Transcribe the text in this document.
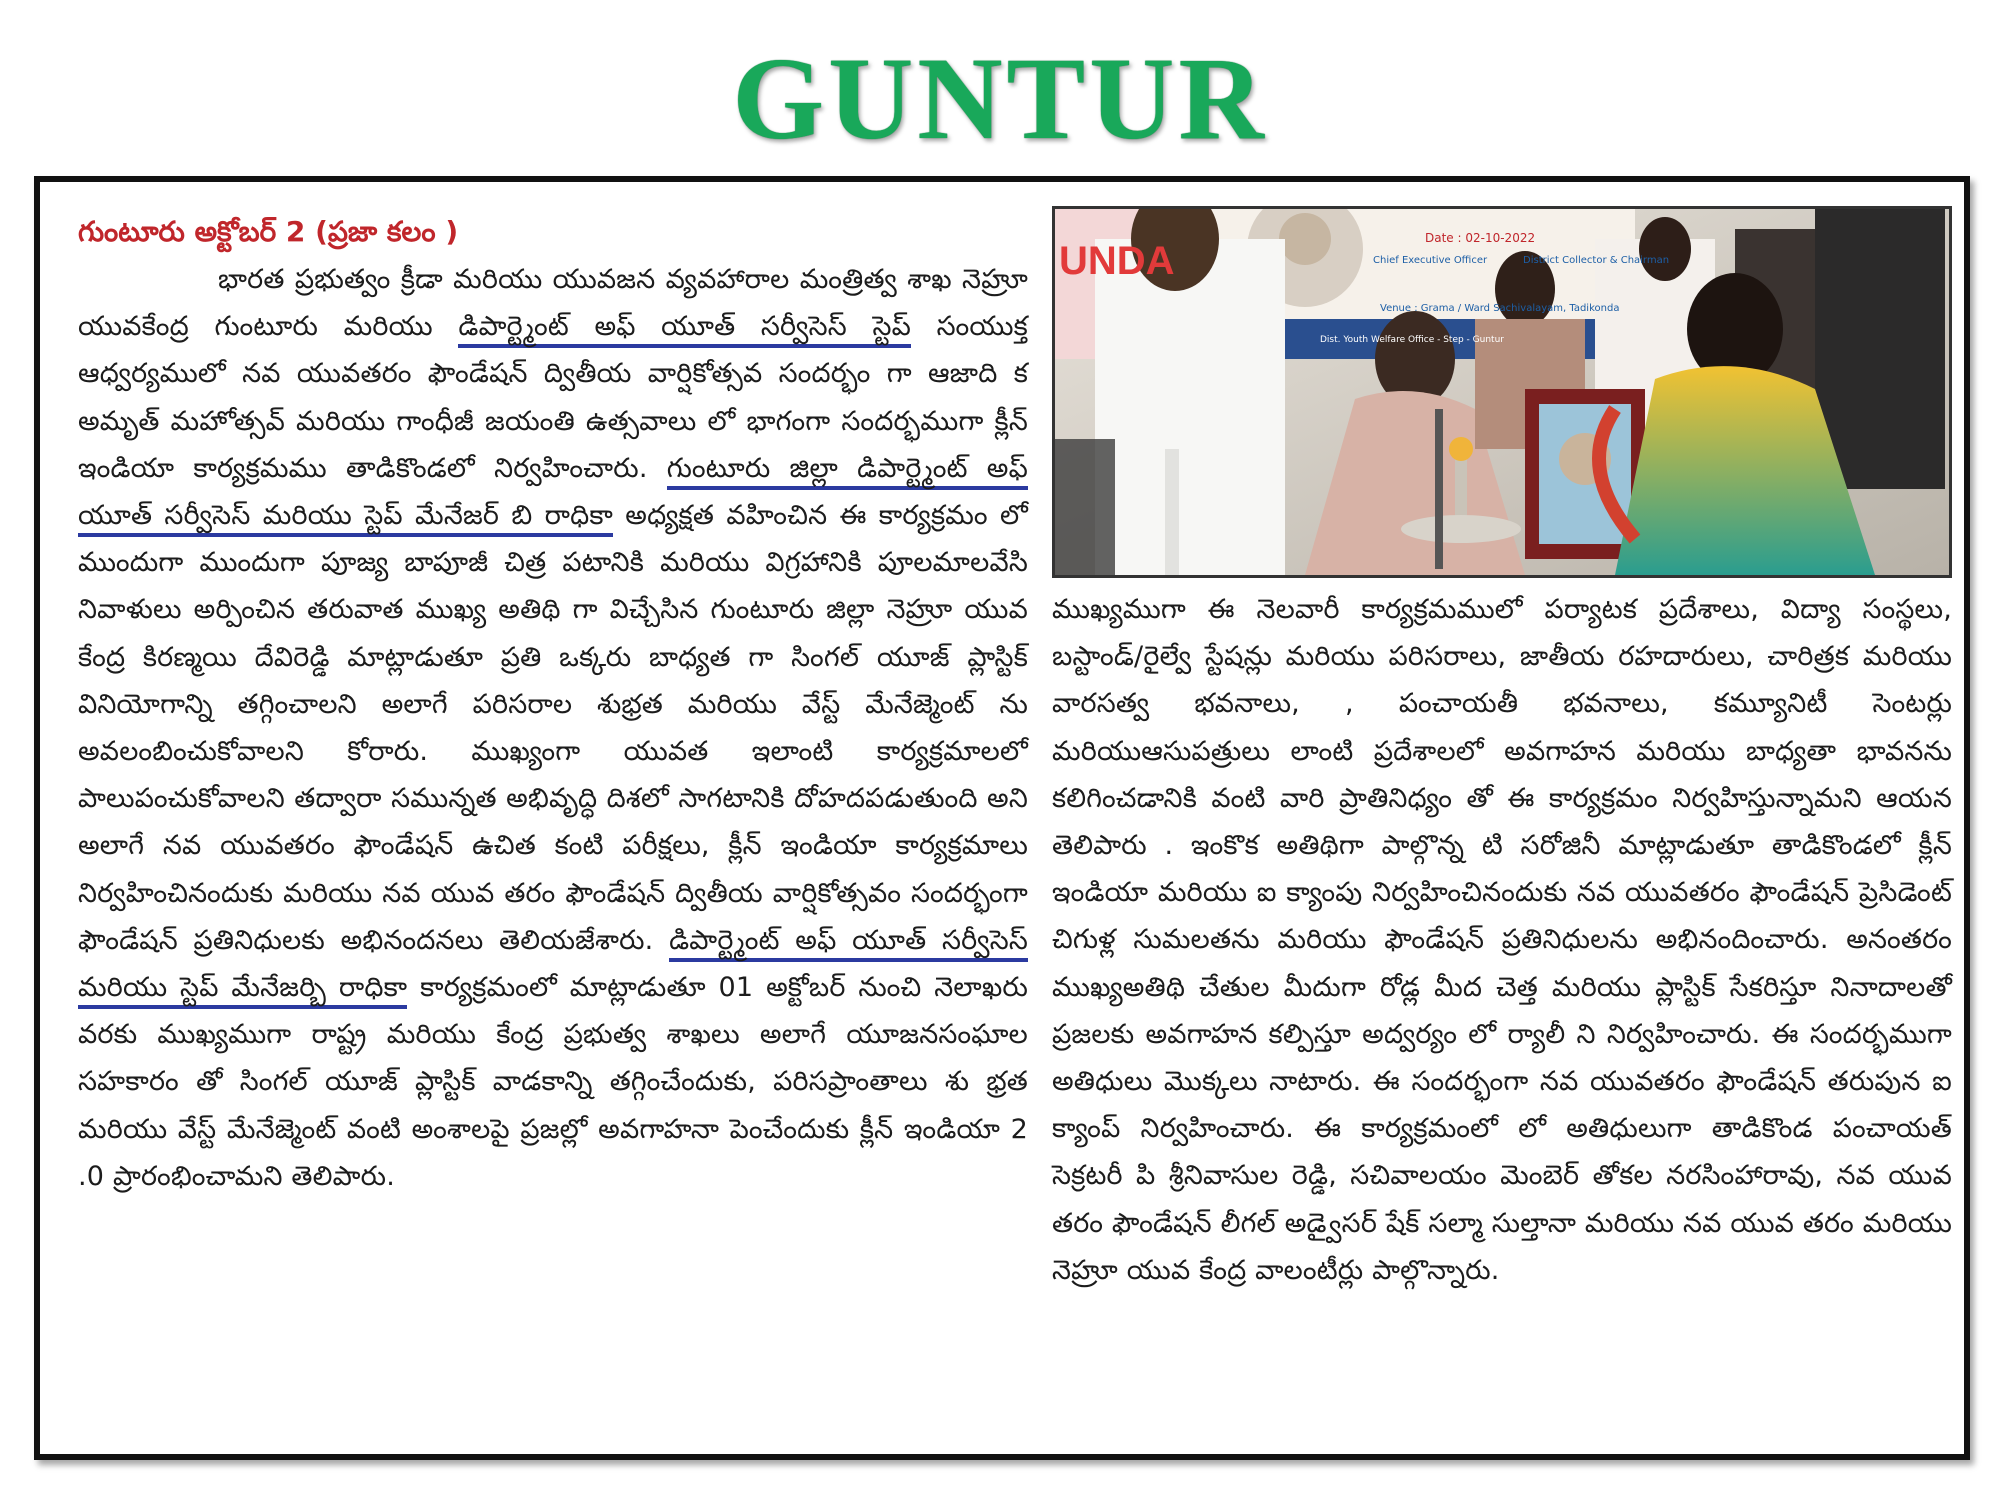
GUNTUR
గుంటూరు అక్టోబర్ 2 (ప్రజా కలం )

భారత ప్రభుత్వం క్రీడా మరియు యువజన వ్యవహారాల మంత్రిత్వ శాఖ నెహ్రూ యువకేంద్ర గుంటూరు మరియు డిపార్ట్మెంట్ అఫ్ యూత్ సర్వీసెస్ స్టెప్ సంయుక్త ఆధ్వర్యములో నవ యువతరం ఫౌండేషన్ ద్వితీయ వార్షికోత్సవ సందర్భం గా ఆజాది క అమృత్ మహోత్సవ్ మరియు గాంధీజీ జయంతి ఉత్సవాలు లో భాగంగా సందర్భముగా క్లీన్ ఇండియా కార్యక్రమము తాడికొండలో నిర్వహించారు. గుంటూరు జిల్లా డిపార్ట్మెంట్ అఫ్ యూత్ సర్వీసెస్ మరియు స్టెప్ మేనేజర్ బి రాధికా అధ్యక్షత వహించిన ఈ కార్యక్రమం లో ముందుగా ముందుగా పూజ్య బాపూజీ చిత్ర పటానికి మరియు విగ్రహానికి పూలమాలవేసి నివాళులు అర్పించిన తరువాత ముఖ్య అతిథి గా విచ్చేసిన గుంటూరు జిల్లా నెహ్రూ యువ కేంద్ర కిరణ్మయి దేవిరెడ్డి మాట్లాడుతూ ప్రతి ఒక్కరు బాధ్యత గా సింగల్ యూజ్ ప్లాస్టిక్ వినియోగాన్ని తగ్గించాలని అలాగే పరిసరాల శుభ్రత మరియు వేస్ట్ మేనేజ్మెంట్ ను అవలంబించుకోవాలని కోరారు. ముఖ్యంగా యువత ఇలాంటి కార్యక్రమాలలో పాలుపంచుకోవాలని తద్వారా సమున్నత అభివృద్ధి దిశలో సాగటానికి దోహదపడుతుంది అని అలాగే నవ యువతరం ఫౌండేషన్ ఉచిత కంటి పరీక్షలు, క్లీన్ ఇండియా కార్యక్రమాలు నిర్వహించినందుకు మరియు నవ యువ తరం ఫౌండేషన్ ద్వితీయ వార్షికోత్సవం సందర్భంగా ఫౌండేషన్ ప్రతినిధులకు అభినందనలు తెలియజేశారు. డిపార్ట్మెంట్ అఫ్ యూత్ సర్వీసెస్ మరియు స్టెప్ మేనేజర్బి రాధికా కార్యక్రమంలో మాట్లాడుతూ 01 అక్టోబర్ నుంచి నెలాఖరు వరకు ముఖ్యముగా రాష్ట్ర మరియు కేంద్ర ప్రభుత్వ శాఖలు అలాగే యూజనసంఘాల సహకారం తో సింగల్ యూజ్ ప్లాస్టిక్ వాడకాన్ని తగ్గించేందుకు, పరిసప్రాంతాలు శు భ్రత మరియు వేస్ట్ మేనేజ్మెంట్ వంటి అంశాలపై ప్రజల్లో అవగాహనా పెంచేందుకు క్లీన్ ఇండియా 2 .0 ప్రారంభించామని తెలిపారు.

UNDA
Date : 02-10-2022
Chief Executive Officer	District Collector & Chairman
Venue : Grama / Ward Sachivalayam, Tadikonda
Dist. Youth Welfare Office - Step - Guntur

ముఖ్యముగా ఈ నెలవారీ కార్యక్రమములో పర్యాటక ప్రదేశాలు, విద్యా సంస్థలు, బస్టాండ్/రైల్వే స్టేషన్లు మరియు పరిసరాలు, జాతీయ రహదారులు, చారిత్రక మరియు వారసత్వ భవనాలు, , పంచాయతీ భవనాలు, కమ్యూనిటీ సెంటర్లు మరియుఆసుపత్రులు లాంటి ప్రదేశాలలో అవగాహన మరియు బాధ్యతా భావనను కలిగించడానికి వంటి వారి ప్రాతినిధ్యం తో ఈ కార్యక్రమం నిర్వహిస్తున్నామని ఆయన తెలిపారు . ఇంకొక అతిథిగా పాల్గొన్న టి సరోజినీ మాట్లాడుతూ తాడికొండలో క్లీన్ ఇండియా మరియు ఐ క్యాంపు నిర్వహించినందుకు నవ యువతరం ఫౌండేషన్ ప్రెసిడెంట్ చిగుళ్ల సుమలతను మరియు ఫౌండేషన్ ప్రతినిధులను అభినందించారు. అనంతరం ముఖ్యఅతిథి చేతుల మీదుగా రోడ్ల మీద చెత్త మరియు ప్లాస్టిక్ సేకరిస్తూ నినాదాలతో ప్రజలకు అవగాహన కల్పిస్తూ అద్వర్యం లో ర్యాలీ ని నిర్వహించారు. ఈ సందర్భముగా అతిధులు మొక్కలు నాటారు. ఈ సందర్భంగా నవ యువతరం ఫౌండేషన్ తరుపున ఐ క్యాంప్ నిర్వహించారు. ఈ కార్యక్రమంలో లో అతిధులుగా తాడికొండ పంచాయత్ సెక్రటరీ పి శ్రీనివాసుల రెడ్డి, సచివాలయం మెంబెర్ తోకల నరసింహారావు, నవ యువ తరం ఫౌండేషన్ లీగల్ అడ్వైసర్ షేక్ సల్మా సుల్తానా మరియు నవ యువ తరం మరియు నెహ్రూ యువ కేంద్ర వాలంటీర్లు పాల్గొన్నారు.
